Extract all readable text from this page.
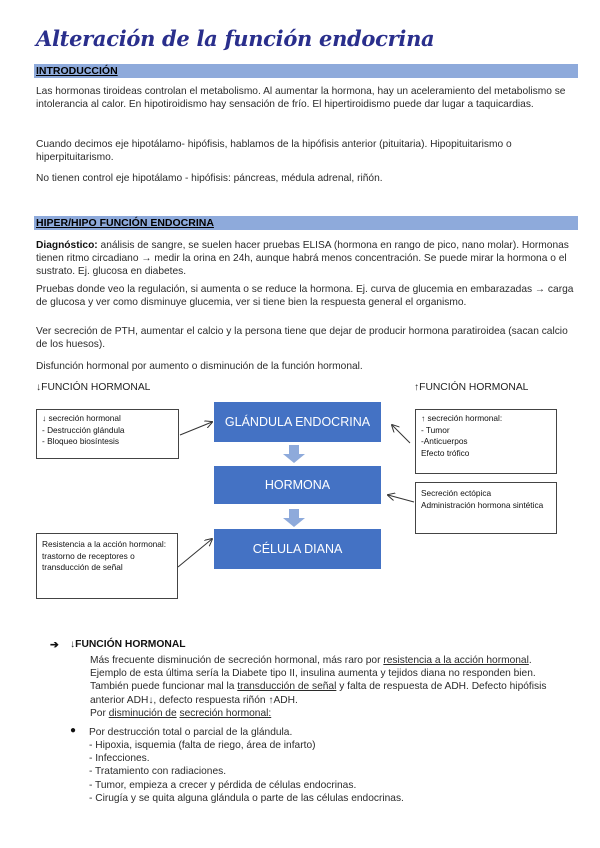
Alteración de la función endocrina
INTRODUCCIÓN
Las hormonas tiroideas controlan el metabolismo. Al aumentar la hormona, hay un aceleramiento del metabolismo se intolerancia al calor. En hipotiroidismo hay sensación de frío. El hipertiroidismo puede dar lugar a taquicardias.
Cuando decimos eje hipotálamo- hipófisis, hablamos de la hipófisis anterior (pituitaria). Hipopituitarismo o hiperpituitarismo.
No tienen control eje hipotálamo - hipófisis: páncreas, médula adrenal, riñón.
HIPER/HIPO FUNCIÓN ENDOCRINA
Diagnóstico: análisis de sangre, se suelen hacer pruebas ELISA (hormona en rango de pico, nano molar). Hormonas tienen ritmo circadiano → medir la orina en 24h, aunque habrá menos concentración. Se puede mirar la hormona o el sustrato. Ej. glucosa en diabetes.
Pruebas donde veo la regulación, si aumenta o se reduce la hormona. Ej. curva de glucemia en embarazadas → carga de glucosa y ver como disminuye glucemia, ver si tiene bien la respuesta general el organismo.
Ver secreción de PTH, aumentar el calcio y la persona tiene que dejar de producir hormona paratiroidea (sacan calcio de los huesos).
Disfunción hormonal por aumento o disminución de la función hormonal.
↓FUNCIÓN HORMONAL	↑FUNCIÓN HORMONAL
GLÁNDULA ENDOCRINA
HORMONA
CÉLULA DIANA
↓ secreción hormonal
- Destrucción glándula
- Bloqueo biosíntesis
↑ secreción hormonal:
- Tumor
-Anticuerpos
Efecto trófico
Secreción ectópica
Administración hormona sintética
Resistencia a la acción hormonal: trastorno de receptores o transducción de señal
➔ ↓FUNCIÓN HORMONAL
Más frecuente disminución de secreción hormonal, más raro por resistencia a la acción hormonal.
Ejemplo de esta última sería la Diabete tipo II, insulina aumenta y tejidos diana no responden bien.
También puede funcionar mal la transducción de señal y falta de respuesta de ADH. Defecto hipófisis
anterior ADH↓, defecto respuesta riñón ↑ADH.
Por disminución de secreción hormonal:
● Por destrucción total o parcial de la glándula.
- Hipoxia, isquemia (falta de riego, área de infarto)
- Infecciones.
- Tratamiento con radiaciones.
- Tumor, empieza a crecer y pérdida de células endocrinas.
- Cirugía y se quita alguna glándula o parte de las células endocrinas.
